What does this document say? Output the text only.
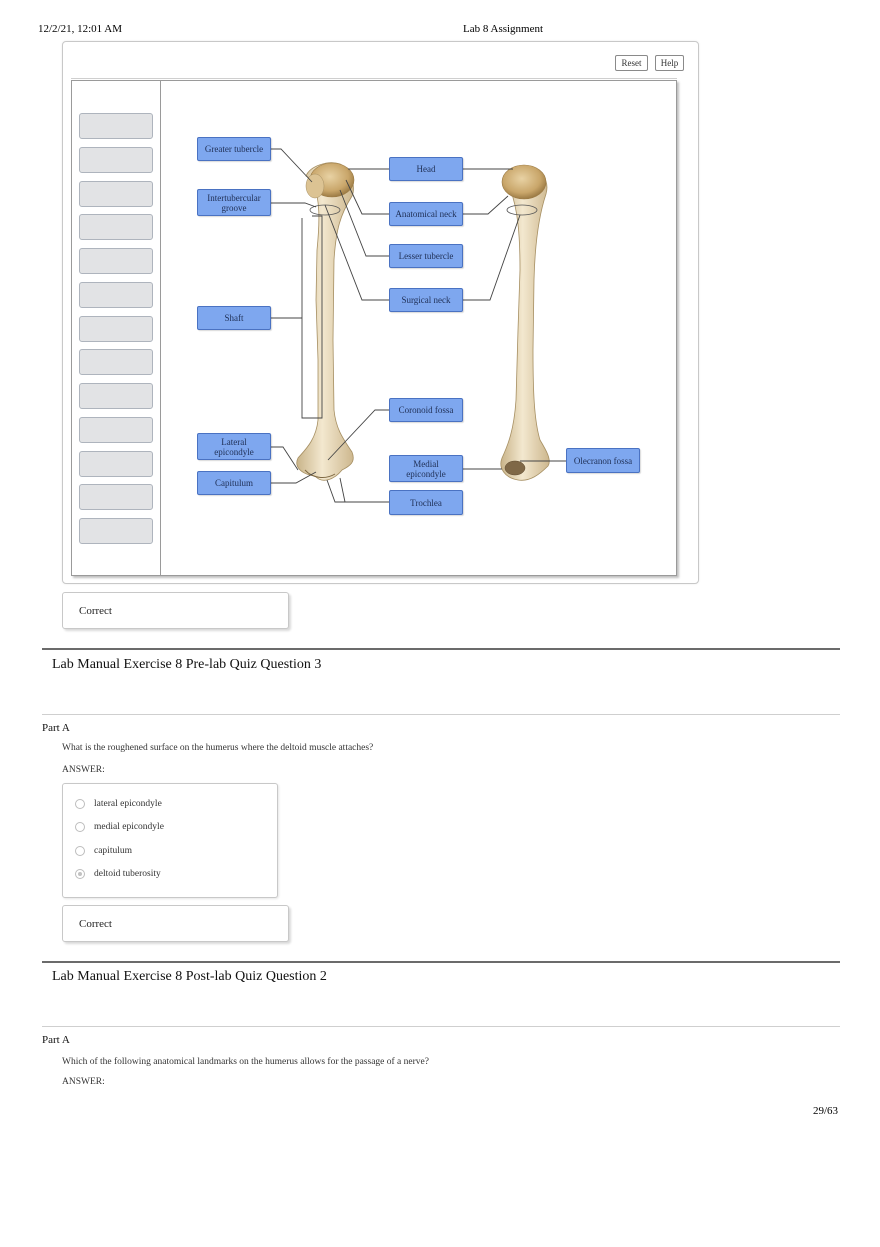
12/2/21, 12:01 AM	Lab 8 Assignment
Reset	Help
Greater tubercle
Intertubercular
groove
Shaft
Lateral
epicondyle
Capitulum
Head
Anatomical neck
Lesser tubercle
Surgical neck
Coronoid fossa
Medial
epicondyle
Trochlea
Olecranon fossa
Correct
Lab Manual Exercise 8 Pre-lab Quiz Question 3
Part A
What is the roughened surface on the humerus where the deltoid muscle attaches?
ANSWER:
lateral epicondyle
medial epicondyle
capitulum
deltoid tuberosity
Correct
Lab Manual Exercise 8 Post-lab Quiz Question 2
Part A
Which of the following anatomical landmarks on the humerus allows for the passage of a nerve?
ANSWER:
29/63
